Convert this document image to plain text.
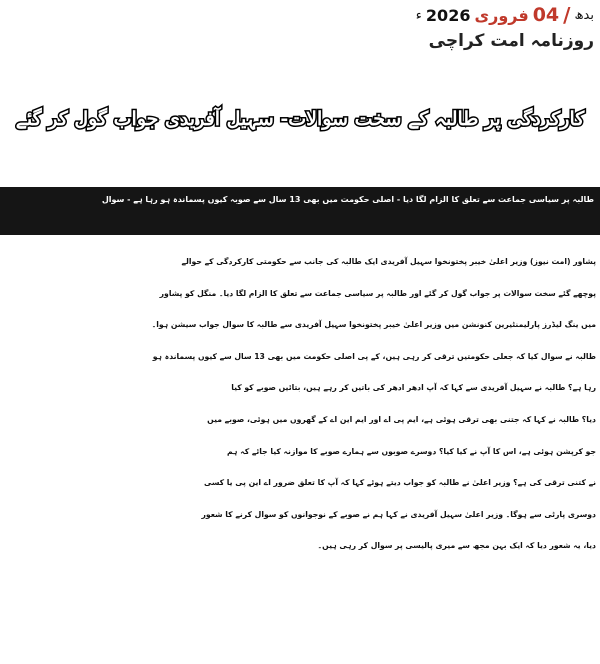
بدھ
/
04
فروری
2026
ء
روزنامہ امت کراچی
کارکردگی پر طالبہ کے سخت سوالات- سہیل آفریدی جواب گول کر گئے
طالبہ پر سیاسی جماعت سے تعلق کا الزام لگا دیا - اصلی حکومت میں بھی 13 سال سے صوبہ کیوں پسماندہ ہو رہا ہے - سوال
پشاور (امت نیوز) وزیر اعلیٰ خیبر پختونخوا سہیل آفریدی ایک طالبہ کی جانب سے حکومتی کارکردگی کے حوالے
پوچھے گئے سخت سوالات پر جواب گول کر گئے اور طالبہ پر سیاسی جماعت سے تعلق کا الزام لگا دیا۔ منگل کو پشاور
میں ینگ لیڈرز پارلیمنٹیرین کنونشن میں وزیر اعلیٰ خیبر پختونخوا سہیل آفریدی سے طالبہ کا سوال جواب سیشن ہوا۔
طالبہ نے سوال کیا کہ جعلی حکومتیں ترقی کر رہی ہیں، کے پی اصلی حکومت میں بھی 13 سال سے کیوں پسماندہ ہو
رہا ہے؟ طالبہ نے سہیل آفریدی سے کہا کہ آپ ادھر ادھر کی باتیں کر رہے ہیں، بتائیں صوبے کو کیا
دیا؟ طالبہ نے کہا کہ جتنی بھی ترقی ہوئی ہے، ایم پی اے اور ایم این اے کے گھروں میں ہوئی، صوبے میں
جو کرپشن ہوئی ہے، اس کا آپ نے کیا کیا؟ دوسرے صوبوں سے ہمارے صوبے کا موازنہ کیا جائے کہ ہم
نے کتنی ترقی کی ہے؟ وزیر اعلیٰ نے طالبہ کو جواب دیتے ہوئے کہا کہ آپ کا تعلق ضرور اے این پی یا کسی
دوسری پارٹی سے ہوگا۔ وزیر اعلیٰ سہیل آفریدی نے کہا ہم نے صوبے کے نوجوانوں کو سوال کرنے کا شعور
دیا، یہ شعور دیا کہ ایک بہن مجھ سے میری پالیسی پر سوال کر رہی ہیں۔
